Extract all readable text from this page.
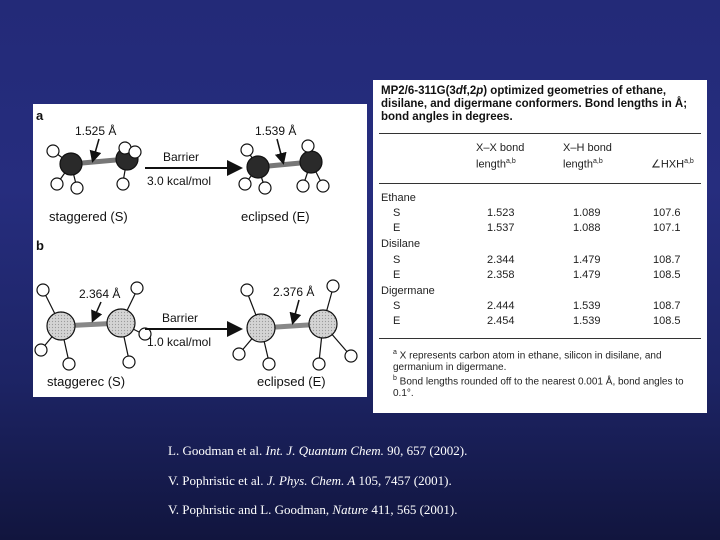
a
1.525 Å
Barrier
3.0 kcal/mol
1.539 Å
staggered (S)	eclipsed (E)
b
2.364 Å
Barrier
1.0 kcal/mol
2.376 Å
staggerec (S)	eclipsed (E)
MP2/6-311G(3df,2p) optimized geometries of ethane, disilane, and digermane conformers. Bond lengths in Å; bond angles in degrees.
X–X bond
length$^{a,b}$
X–H bond
length$^{a,b}$	∠HXH$^{a,b}$
Ethane
S	1.523	1.089	107.6
E	1.537	1.088	107.1
Disilane
S	2.344	1.479	108.7
E	2.358	1.479	108.5
Digermane
S	2.444	1.539	108.7
E	2.454	1.539	108.5
$^a$ X represents carbon atom in ethane, silicon in disilane, and germanium in digermane.
$^b$ Bond lengths rounded off to the nearest 0.001 Å, bond angles to 0.1°.
L. Goodman et al. Int. J. Quantum Chem. 90, 657 (2002).
V. Pophristic et al. J. Phys. Chem. A 105, 7457 (2001).
V. Pophristic and L. Goodman, Nature 411, 565 (2001).
